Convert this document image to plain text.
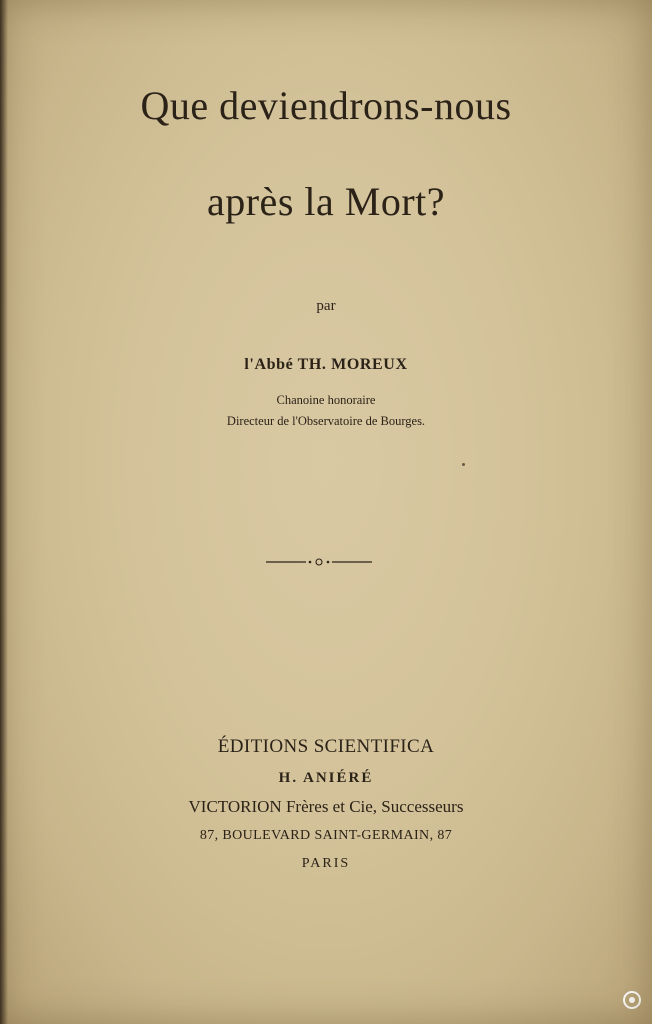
Que deviendrons-nous
après la Mort?
par
l'Abbé TH. MOREUX
Chanoine honoraire
Directeur de l'Observatoire de Bourges.
ÉDITIONS SCIENTIFICA
H. ANIÉRÉ
VICTORION Frères et Cie, Successeurs
87, BOULEVARD SAINT-GERMAIN, 87
PARIS
